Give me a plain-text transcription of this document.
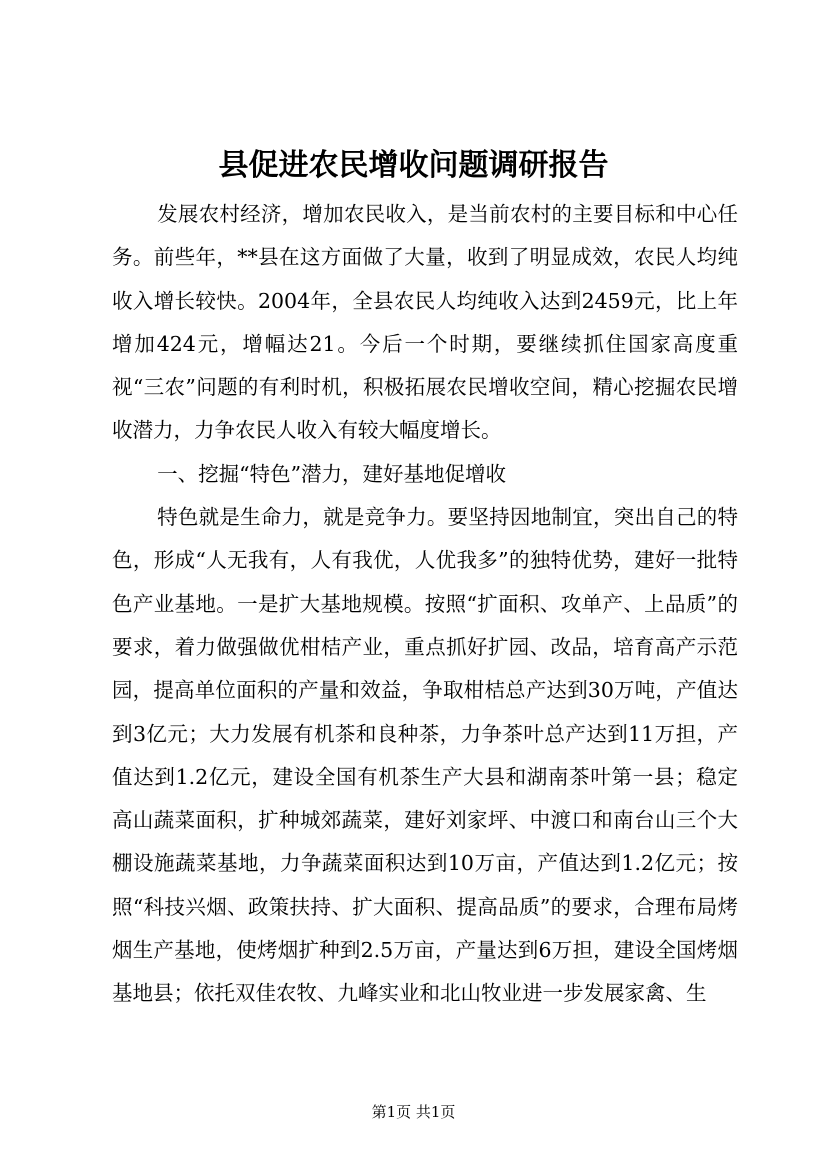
县促进农民增收问题调研报告

发展农村经济，增加农民收入，是当前农村的主要目标和中心任务。前些年，**县在这方面做了大量，收到了明显成效，农民人均纯收入增长较快。2004年，全县农民人均纯收入达到2459元，比上年增加424元，增幅达21。今后一个时期，要继续抓住国家高度重视“三农”问题的有利时机，积极拓展农民增收空间，精心挖掘农民增收潜力，力争农民人收入有较大幅度增长。

一、挖掘“特色”潜力，建好基地促增收

特色就是生命力，就是竞争力。要坚持因地制宜，突出自己的特色，形成“人无我有，人有我优，人优我多”的独特优势，建好一批特色产业基地。一是扩大基地规模。按照“扩面积、攻单产、上品质”的要求，着力做强做优柑桔产业，重点抓好扩园、改品，培育高产示范园，提高单位面积的产量和效益，争取柑桔总产达到30万吨，产值达到3亿元；大力发展有机茶和良种茶，力争茶叶总产达到11万担，产值达到1.2亿元，建设全国有机茶生产大县和湖南茶叶第一县；稳定高山蔬菜面积，扩种城郊蔬菜，建好刘家坪、中渡口和南台山三个大棚设施蔬菜基地，力争蔬菜面积达到10万亩，产值达到1.2亿元；按照“科技兴烟、政策扶持、扩大面积、提高品质”的要求，合理布局烤烟生产基地，使烤烟扩种到2.5万亩，产量达到6万担，建设全国烤烟基地县；依托双佳农牧、九峰实业和北山牧业进一步发展家禽、生

第1页 共1页
